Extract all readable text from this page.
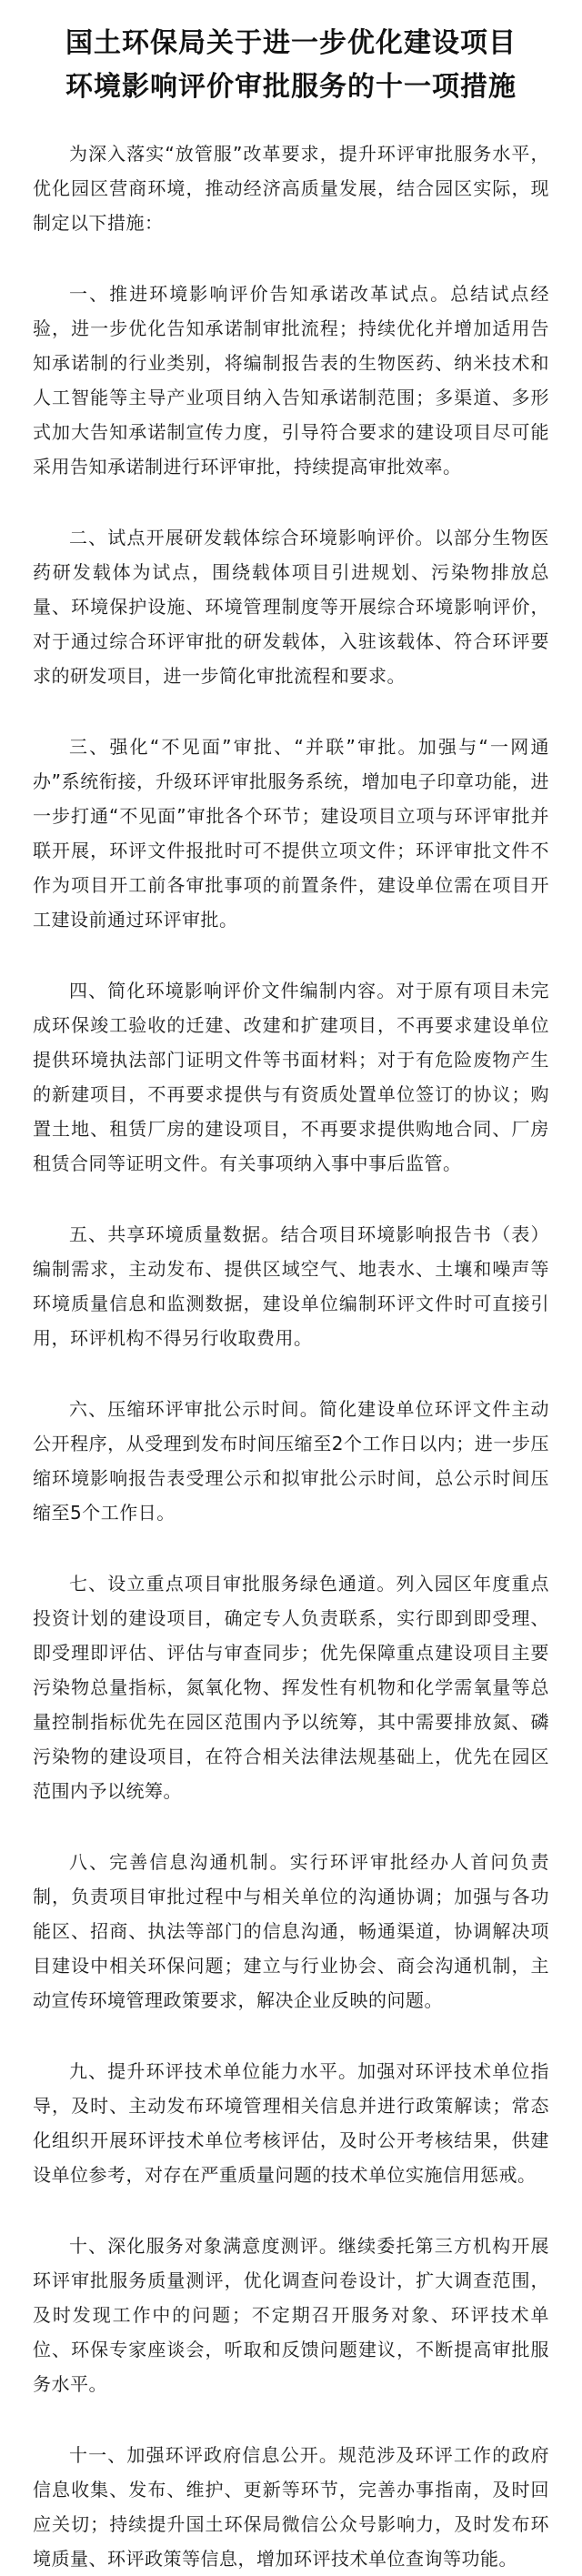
国土环保局关于进一步优化建设项目
环境影响评价审批服务的十一项措施

为深入落实“放管服”改革要求，提升环评审批服务水平，优化园区营商环境，推动经济高质量发展，结合园区实际，现制定以下措施：

一、推进环境影响评价告知承诺改革试点。总结试点经验，进一步优化告知承诺制审批流程；持续优化并增加适用告知承诺制的行业类别，将编制报告表的生物医药、纳米技术和人工智能等主导产业项目纳入告知承诺制范围；多渠道、多形式加大告知承诺制宣传力度，引导符合要求的建设项目尽可能采用告知承诺制进行环评审批，持续提高审批效率。

二、试点开展研发载体综合环境影响评价。以部分生物医药研发载体为试点，围绕载体项目引进规划、污染物排放总量、环境保护设施、环境管理制度等开展综合环境影响评价，对于通过综合环评审批的研发载体，入驻该载体、符合环评要求的研发项目，进一步简化审批流程和要求。

三、强化“不见面”审批、“并联”审批。加强与“一网通办”系统衔接，升级环评审批服务系统，增加电子印章功能，进一步打通“不见面”审批各个环节；建设项目立项与环评审批并联开展，环评文件报批时可不提供立项文件；环评审批文件不作为项目开工前各审批事项的前置条件，建设单位需在项目开工建设前通过环评审批。

四、简化环境影响评价文件编制内容。对于原有项目未完成环保竣工验收的迁建、改建和扩建项目，不再要求建设单位提供环境执法部门证明文件等书面材料；对于有危险废物产生的新建项目，不再要求提供与有资质处置单位签订的协议；购置土地、租赁厂房的建设项目，不再要求提供购地合同、厂房租赁合同等证明文件。有关事项纳入事中事后监管。

五、共享环境质量数据。结合项目环境影响报告书（表）编制需求，主动发布、提供区域空气、地表水、土壤和噪声等环境质量信息和监测数据，建设单位编制环评文件时可直接引用，环评机构不得另行收取费用。

六、压缩环评审批公示时间。简化建设单位环评文件主动公开程序，从受理到发布时间压缩至2个工作日以内；进一步压缩环境影响报告表受理公示和拟审批公示时间，总公示时间压缩至5个工作日。

七、设立重点项目审批服务绿色通道。列入园区年度重点投资计划的建设项目，确定专人负责联系，实行即到即受理、即受理即评估、评估与审查同步；优先保障重点建设项目主要污染物总量指标，氮氧化物、挥发性有机物和化学需氧量等总量控制指标优先在园区范围内予以统筹，其中需要排放氮、磷污染物的建设项目，在符合相关法律法规基础上，优先在园区范围内予以统筹。

八、完善信息沟通机制。实行环评审批经办人首问负责制，负责项目审批过程中与相关单位的沟通协调；加强与各功能区、招商、执法等部门的信息沟通，畅通渠道，协调解决项目建设中相关环保问题；建立与行业协会、商会沟通机制，主动宣传环境管理政策要求，解决企业反映的问题。

九、提升环评技术单位能力水平。加强对环评技术单位指导，及时、主动发布环境管理相关信息并进行政策解读；常态化组织开展环评技术单位考核评估，及时公开考核结果，供建设单位参考，对存在严重质量问题的技术单位实施信用惩戒。

十、深化服务对象满意度测评。继续委托第三方机构开展环评审批服务质量测评，优化调查问卷设计，扩大调查范围，及时发现工作中的问题；不定期召开服务对象、环评技术单位、环保专家座谈会，听取和反馈问题建议，不断提高审批服务水平。

十一、加强环评政府信息公开。规范涉及环评工作的政府信息收集、发布、维护、更新等环节，完善办事指南，及时回应关切；持续提升国土环保局微信公众号影响力，及时发布环境质量、环评政策等信息，增加环评技术单位查询等功能。
